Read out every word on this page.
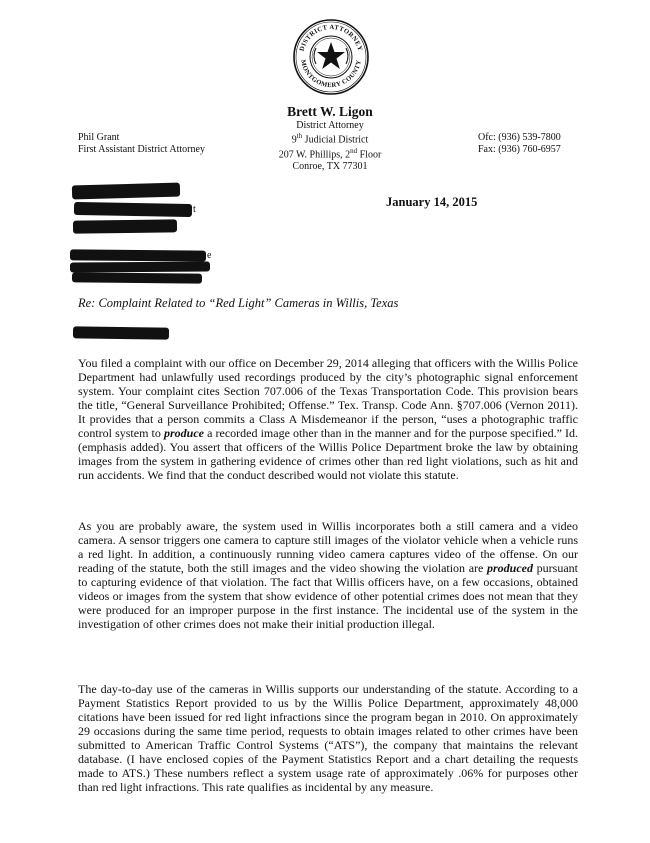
DISTRICT ATTORNEY
MONTGOMERY COUNTY
Brett W. Ligon
District Attorney
9th Judicial District
207 W. Phillips, 2nd Floor
Conroe, TX 77301
Phil Grant
First Assistant District Attorney
Ofc: (936) 539-7800
Fax: (936) 760-6957
January 14, 2015
t
e
Re: Complaint Related to “Red Light” Cameras in Willis, Texas

You filed a complaint with our office on December 29, 2014 alleging that officers with the Willis Police Department had unlawfully used recordings produced by the city’s photographic signal enforcement system. Your complaint cites Section 707.006 of the Texas Transportation Code. This provision bears the title, “General Surveillance Prohibited; Offense.” Tex. Transp. Code Ann. §707.006 (Vernon 2011). It provides that a person commits a Class A Misdemeanor if the person, “uses a photographic traffic control system to produce a recorded image other than in the manner and for the purpose specified.” Id. (emphasis added). You assert that officers of the Willis Police Department broke the law by obtaining images from the system in gathering evidence of crimes other than red light violations, such as hit and run accidents. We find that the conduct described would not violate this statute.

As you are probably aware, the system used in Willis incorporates both a still camera and a video camera. A sensor triggers one camera to capture still images of the violator vehicle when a vehicle runs a red light. In addition, a continuously running video camera captures video of the offense. On our reading of the statute, both the still images and the video showing the violation are produced pursuant to capturing evidence of that violation. The fact that Willis officers have, on a few occasions, obtained videos or images from the system that show evidence of other potential crimes does not mean that they were produced for an improper purpose in the first instance. The incidental use of the system in the investigation of other crimes does not make their initial production illegal.

The day-to-day use of the cameras in Willis supports our understanding of the statute. According to a Payment Statistics Report provided to us by the Willis Police Department, approximately 48,000 citations have been issued for red light infractions since the program began in 2010. On approximately 29 occasions during the same time period, requests to obtain images related to other crimes have been submitted to American Traffic Control Systems (“ATS”), the company that maintains the relevant database. (I have enclosed copies of the Payment Statistics Report and a chart detailing the requests made to ATS.) These numbers reflect a system usage rate of approximately .06% for purposes other than red light infractions. This rate qualifies as incidental by any measure.
